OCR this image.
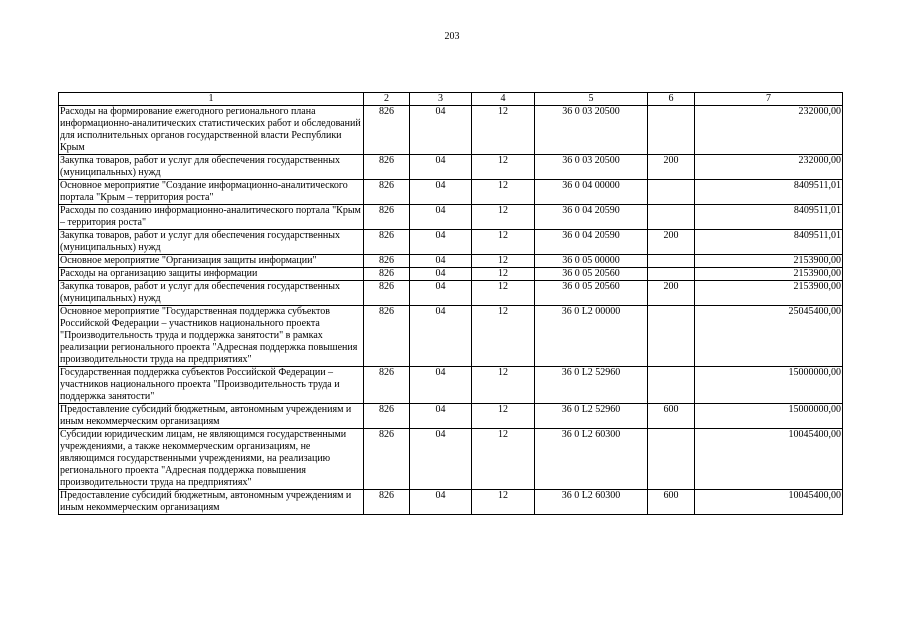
203
1	2	3	4	5	6	7
Расходы на формирование ежегодного регионального плана информационно-аналитических статистических работ и обследований для исполнительных органов государственной власти Республики Крым	826	04	12	36 0 03 20500		232000,00
Закупка товаров, работ и услуг для обеспечения государственных (муниципальных) нужд	826	04	12	36 0 03 20500	200	232000,00
Основное мероприятие "Создание информационно-аналитического портала "Крым – территория роста"	826	04	12	36 0 04 00000		8409511,01
Расходы по созданию информационно-аналитического портала "Крым – территория роста"	826	04	12	36 0 04 20590		8409511,01
Закупка товаров, работ и услуг для обеспечения государственных (муниципальных) нужд	826	04	12	36 0 04 20590	200	8409511,01
Основное мероприятие "Организация защиты информации"	826	04	12	36 0 05 00000		2153900,00
Расходы на организацию защиты информации	826	04	12	36 0 05 20560		2153900,00
Закупка товаров, работ и услуг для обеспечения государственных (муниципальных) нужд	826	04	12	36 0 05 20560	200	2153900,00
Основное мероприятие "Государственная поддержка субъектов Российской Федерации – участников национального проекта "Производительность труда и поддержка занятости" в рамках реализации регионального проекта "Адресная поддержка повышения производительности труда на предприятиях"	826	04	12	36 0 L2 00000		25045400,00
Государственная поддержка субъектов Российской Федерации – участников национального проекта "Производительность труда и поддержка занятости"	826	04	12	36 0 L2 52960		15000000,00
Предоставление субсидий бюджетным, автономным учреждениям и иным некоммерческим организациям	826	04	12	36 0 L2 52960	600	15000000,00
Субсидии юридическим лицам, не являющимся государственными учреждениями, а также некоммерческим организациям, не являющимся государственными учреждениями, на реализацию регионального проекта "Адресная поддержка повышения производительности труда на предприятиях"	826	04	12	36 0 L2 60300		10045400,00
Предоставление субсидий бюджетным, автономным учреждениям и иным некоммерческим организациям	826	04	12	36 0 L2 60300	600	10045400,00
